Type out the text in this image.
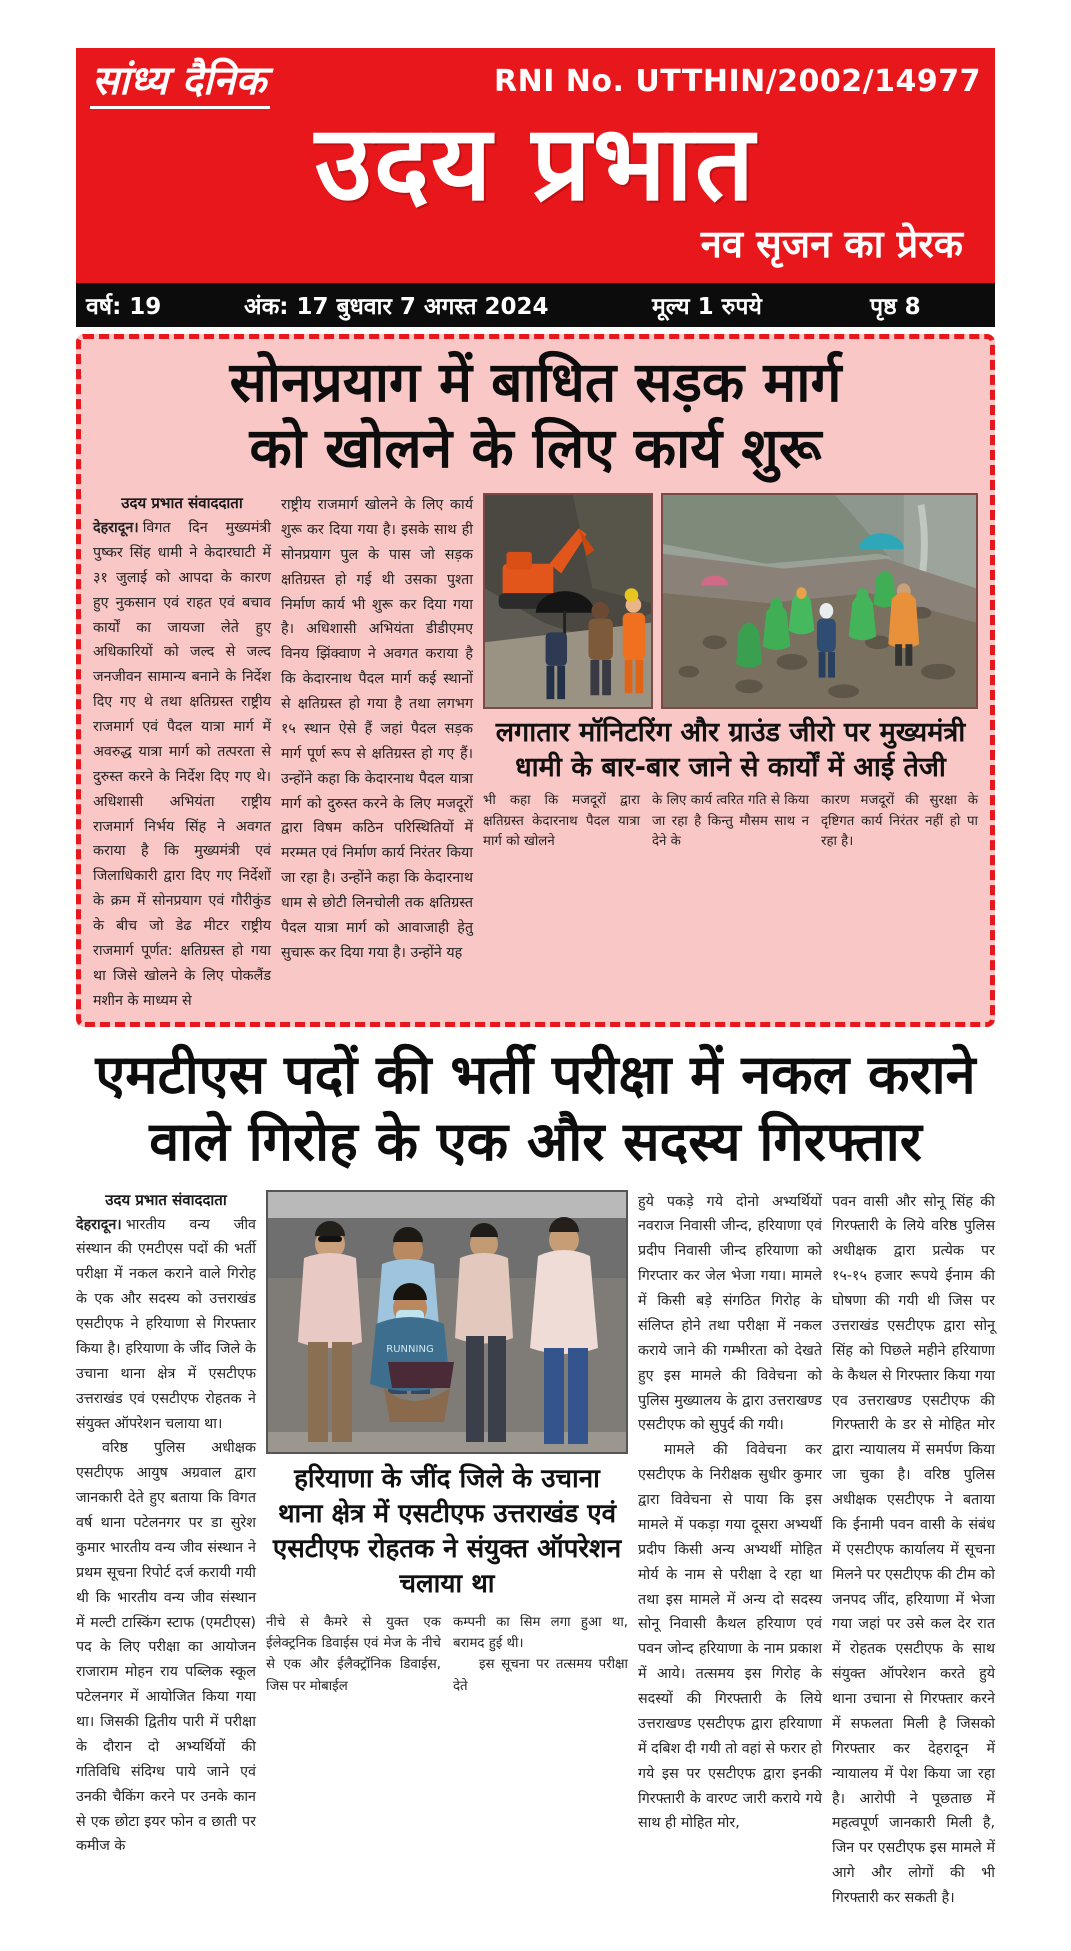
सांध्य दैनिक	RNI No. UTTHIN/2002/14977
उदय प्रभात
नव सृजन का प्रेरक
वर्ष: 19	अंक: 17 बुधवार 7 अगस्त 2024	मूल्य 1 रुपये	पृष्ठ 8
सोनप्रयाग में बाधित सड़क मार्ग
को खोलने के लिए कार्य शुरू
उदय प्रभात संवाददाता

देहरादून। विगत दिन मुख्यमंत्री पुष्कर सिंह धामी ने केदारघाटी में ३१ जुलाई को आपदा के कारण हुए नुकसान एवं राहत एवं बचाव कार्यों का जायजा लेते हुए अधिकारियों को जल्द से जल्द जनजीवन सामान्य बनाने के निर्देश दिए गए थे तथा क्षतिग्रस्त राष्ट्रीय राजमार्ग एवं पैदल यात्रा मार्ग में अवरुद्ध यात्रा मार्ग को तत्परता से दुरुस्त करने के निर्देश दिए गए थे। अधिशासी अभियंता राष्ट्रीय राजमार्ग निर्भय सिंह ने अवगत कराया है कि मुख्यमंत्री एवं जिलाधिकारी द्वारा दिए गए निर्देशों के क्रम में सोनप्रयाग एवं गौरीकुंड के बीच जो डेढ मीटर राष्ट्रीय राजमार्ग पूर्णत: क्षतिग्रस्त हो गया था जिसे खोलने के लिए पोकलैंड मशीन के माध्यम से

राष्ट्रीय राजमार्ग खोलने के लिए कार्य शुरू कर दिया गया है। इसके साथ ही सोनप्रयाग पुल के पास जो सड़क क्षतिग्रस्त हो गई थी उसका पुश्ता निर्माण कार्य भी शुरू कर दिया गया है। अधिशासी अभियंता डीडीएमए विनय झिंक्वाण ने अवगत कराया है कि केदारनाथ पैदल मार्ग कई स्थानों से क्षतिग्रस्त हो गया है तथा लगभग १५ स्थान ऐसे हैं जहां पैदल सड़क मार्ग पूर्ण रूप से क्षतिग्रस्त हो गए हैं। उन्होंने कहा कि केदारनाथ पैदल यात्रा मार्ग को दुरुस्त करने के लिए मजदूरों द्वारा विषम कठिन परिस्थितियों में मरम्मत एवं निर्माण कार्य निरंतर किया जा रहा है। उन्होंने कहा कि केदारनाथ धाम से छोटी लिनचोली तक क्षतिग्रस्त पैदल यात्रा मार्ग को आवाजाही हेतु सुचारू कर दिया गया है। उन्होंने यह

लगातार मॉनिटरिंग और ग्राउंड जीरो पर मुख्यमंत्री धामी के बार-बार जाने से कार्यों में आई तेजी

भी कहा कि मजदूरों द्वारा क्षतिग्रस्त केदारनाथ पैदल यात्रा मार्ग को खोलने

के लिए कार्य त्वरित गति से किया जा रहा है किन्तु मौसम साथ न देने के

कारण मजदूरों की सुरक्षा के दृष्टिगत कार्य निरंतर नहीं हो पा रहा है।

एमटीएस पदों की भर्ती परीक्षा में नकल कराने
वाले गिरोह के एक और सदस्य गिरफ्तार
उदय प्रभात संवाददाता

देहरादून। भारतीय वन्य जीव संस्थान की एमटीएस पदों की भर्ती परीक्षा में नकल कराने वाले गिरोह के एक और सदस्य को उत्तराखंड एसटीएफ ने हरियाणा से गिरफ्तार किया है। हरियाणा के जींद जिले के उचाना थाना क्षेत्र में एसटीएफ उत्तराखंड एवं एसटीएफ रोहतक ने संयुक्त ऑपरेशन चलाया था।

वरिष्ठ पुलिस अधीक्षक एसटीएफ आयुष अग्रवाल द्वारा जानकारी देते हुए बताया कि विगत वर्ष थाना पटेलनगर पर डा सुरेश कुमार भारतीय वन्य जीव संस्थान ने प्रथम सूचना रिपोर्ट दर्ज करायी गयी थी कि भारतीय वन्य जीव संस्थान में मल्टी टास्किंग स्टाफ (एमटीएस) पद के लिए परीक्षा का आयोजन राजाराम मोहन राय पब्लिक स्कूल पटेलनगर में आयोजित किया गया था। जिसकी द्वितीय पारी में परीक्षा के दौरान दो अभ्यर्थियों की गतिविधि संदिग्ध पाये जाने एवं उनकी चैकिंग करने पर उनके कान से एक छोटा इयर फोन व छाती पर कमीज के

RUNNING
हरियाणा के जींद जिले के उचाना थाना क्षेत्र में एसटीएफ उत्तराखंड एवं एसटीएफ रोहतक ने संयुक्त ऑपरेशन चलाया था

नीचे से कैमरे से युक्त एक ईलेक्ट्रनिक डिवाईस एवं मेज के नीचे से एक और ईलैक्ट्रॉनिक डिवाईस, जिस पर मोबाईल

कम्पनी का सिम लगा हुआ था, बरामद हुई थी।

इस सूचना पर तत्समय परीक्षा देते

हुये पकड़े गये दोनो अभ्यर्थियों नवराज निवासी जीन्द, हरियाणा एवं प्रदीप निवासी जीन्द हरियाणा को गिरप्तार कर जेल भेजा गया। मामले में किसी बड़े संगठित गिरोह के संलिप्त होने तथा परीक्षा में नकल कराये जाने की गम्भीरता को देखते हुए इस मामले की विवेचना को पुलिस मुख्यालय के द्वारा उत्तराखण्ड एसटीएफ को सुपुर्द की गयी।

मामले की विवेचना कर एसटीएफ के निरीक्षक सुधीर कुमार द्वारा विवेचना से पाया कि इस मामले में पकड़ा गया दूसरा अभ्यर्थी प्रदीप किसी अन्य अभ्यर्थी मोहित मोर्य के नाम से परीक्षा दे रहा था तथा इस मामले में अन्य दो सदस्य सोनू निवासी कैथल हरियाण एवं पवन जोन्द हरियाणा के नाम प्रकाश में आये। तत्समय इस गिरोह के सदस्यों की गिरफ्तारी के लिये उत्तराखण्ड एसटीएफ द्वारा हरियाणा में दबिश दी गयी तो वहां से फरार हो गये इस पर एसटीएफ द्वारा इनकी गिरफ्तारी के वारण्ट जारी कराये गये साथ ही मोहित मोर,

पवन वासी और सोनू सिंह की गिरफ्तारी के लिये वरिष्ठ पुलिस अधीक्षक द्वारा प्रत्येक पर १५-१५ हजार रूपये ईनाम की घोषणा की गयी थी जिस पर उत्तराखंड एसटीएफ द्वारा सोनू सिंह को पिछले महीने हरियाणा के कैथल से गिरफ्तार किया गया एव उत्तराखण्ड एसटीएफ की गिरफ्तारी के डर से मोहित मोर द्वारा न्यायालय में समर्पण किया जा चुका है। वरिष्ठ पुलिस अधीक्षक एसटीएफ ने बताया कि ईनामी पवन वासी के संबंध में एसटीएफ कार्यालय में सूचना मिलने पर एसटीएफ की टीम को जनपद जींद, हरियाणा में भेजा गया जहां पर उसे कल देर रात में रोहतक एसटीएफ के साथ संयुक्त ऑपरेशन करते हुये थाना उचाना से गिरफ्तार करने में सफलता मिली है जिसको गिरफ्तार कर देहरादून में न्यायालय में पेश किया जा रहा है। आरोपी ने पूछताछ में महत्वपूर्ण जानकारी मिली है, जिन पर एसटीएफ इस मामले में आगे और लोगों की भी गिरफ्तारी कर सकती है।
